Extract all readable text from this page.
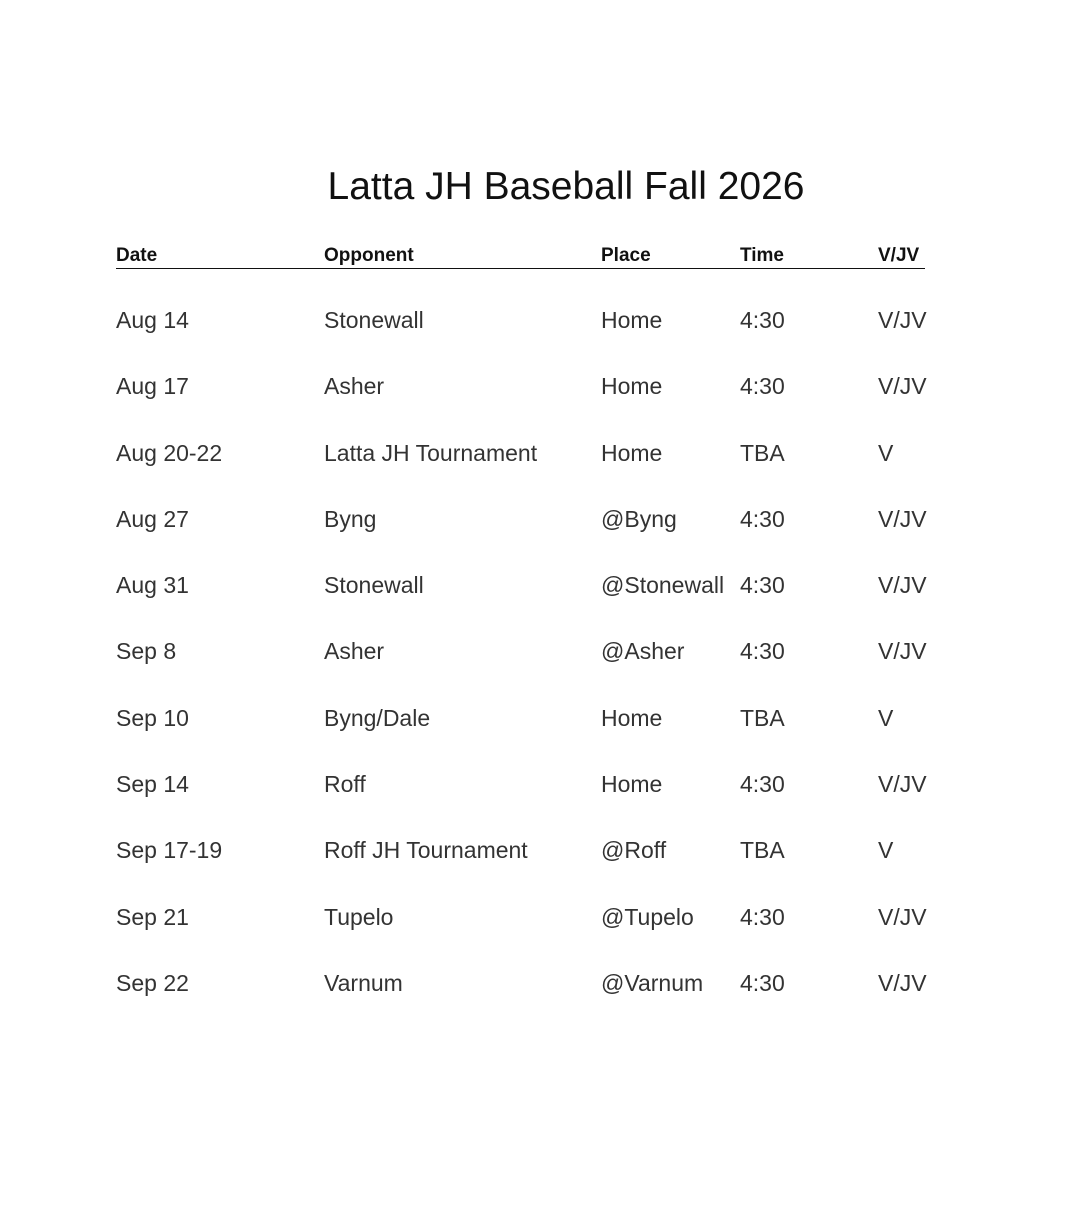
Latta JH Baseball Fall 2026
Date	Opponent	Place	Time	V/JV
Aug 14	Stonewall	Home	4:30	V/JV
Aug 17	Asher	Home	4:30	V/JV
Aug 20-22	Latta JH Tournament	Home	TBA	V
Aug 27	Byng	@Byng	4:30	V/JV
Aug 31	Stonewall	@Stonewall 4:30	V/JV
Sep 8	Asher	@Asher 4:30	V/JV
Sep 10	Byng/Dale	Home	TBA	V
Sep 14	Roff	Home	4:30	V/JV
Sep 17-19	Roff JH Tournament	@Roff	TBA	V
Sep 21	Tupelo	@Tupelo 4:30	V/JV
Sep 22	Varnum	@Varnum 4:30	V/JV
